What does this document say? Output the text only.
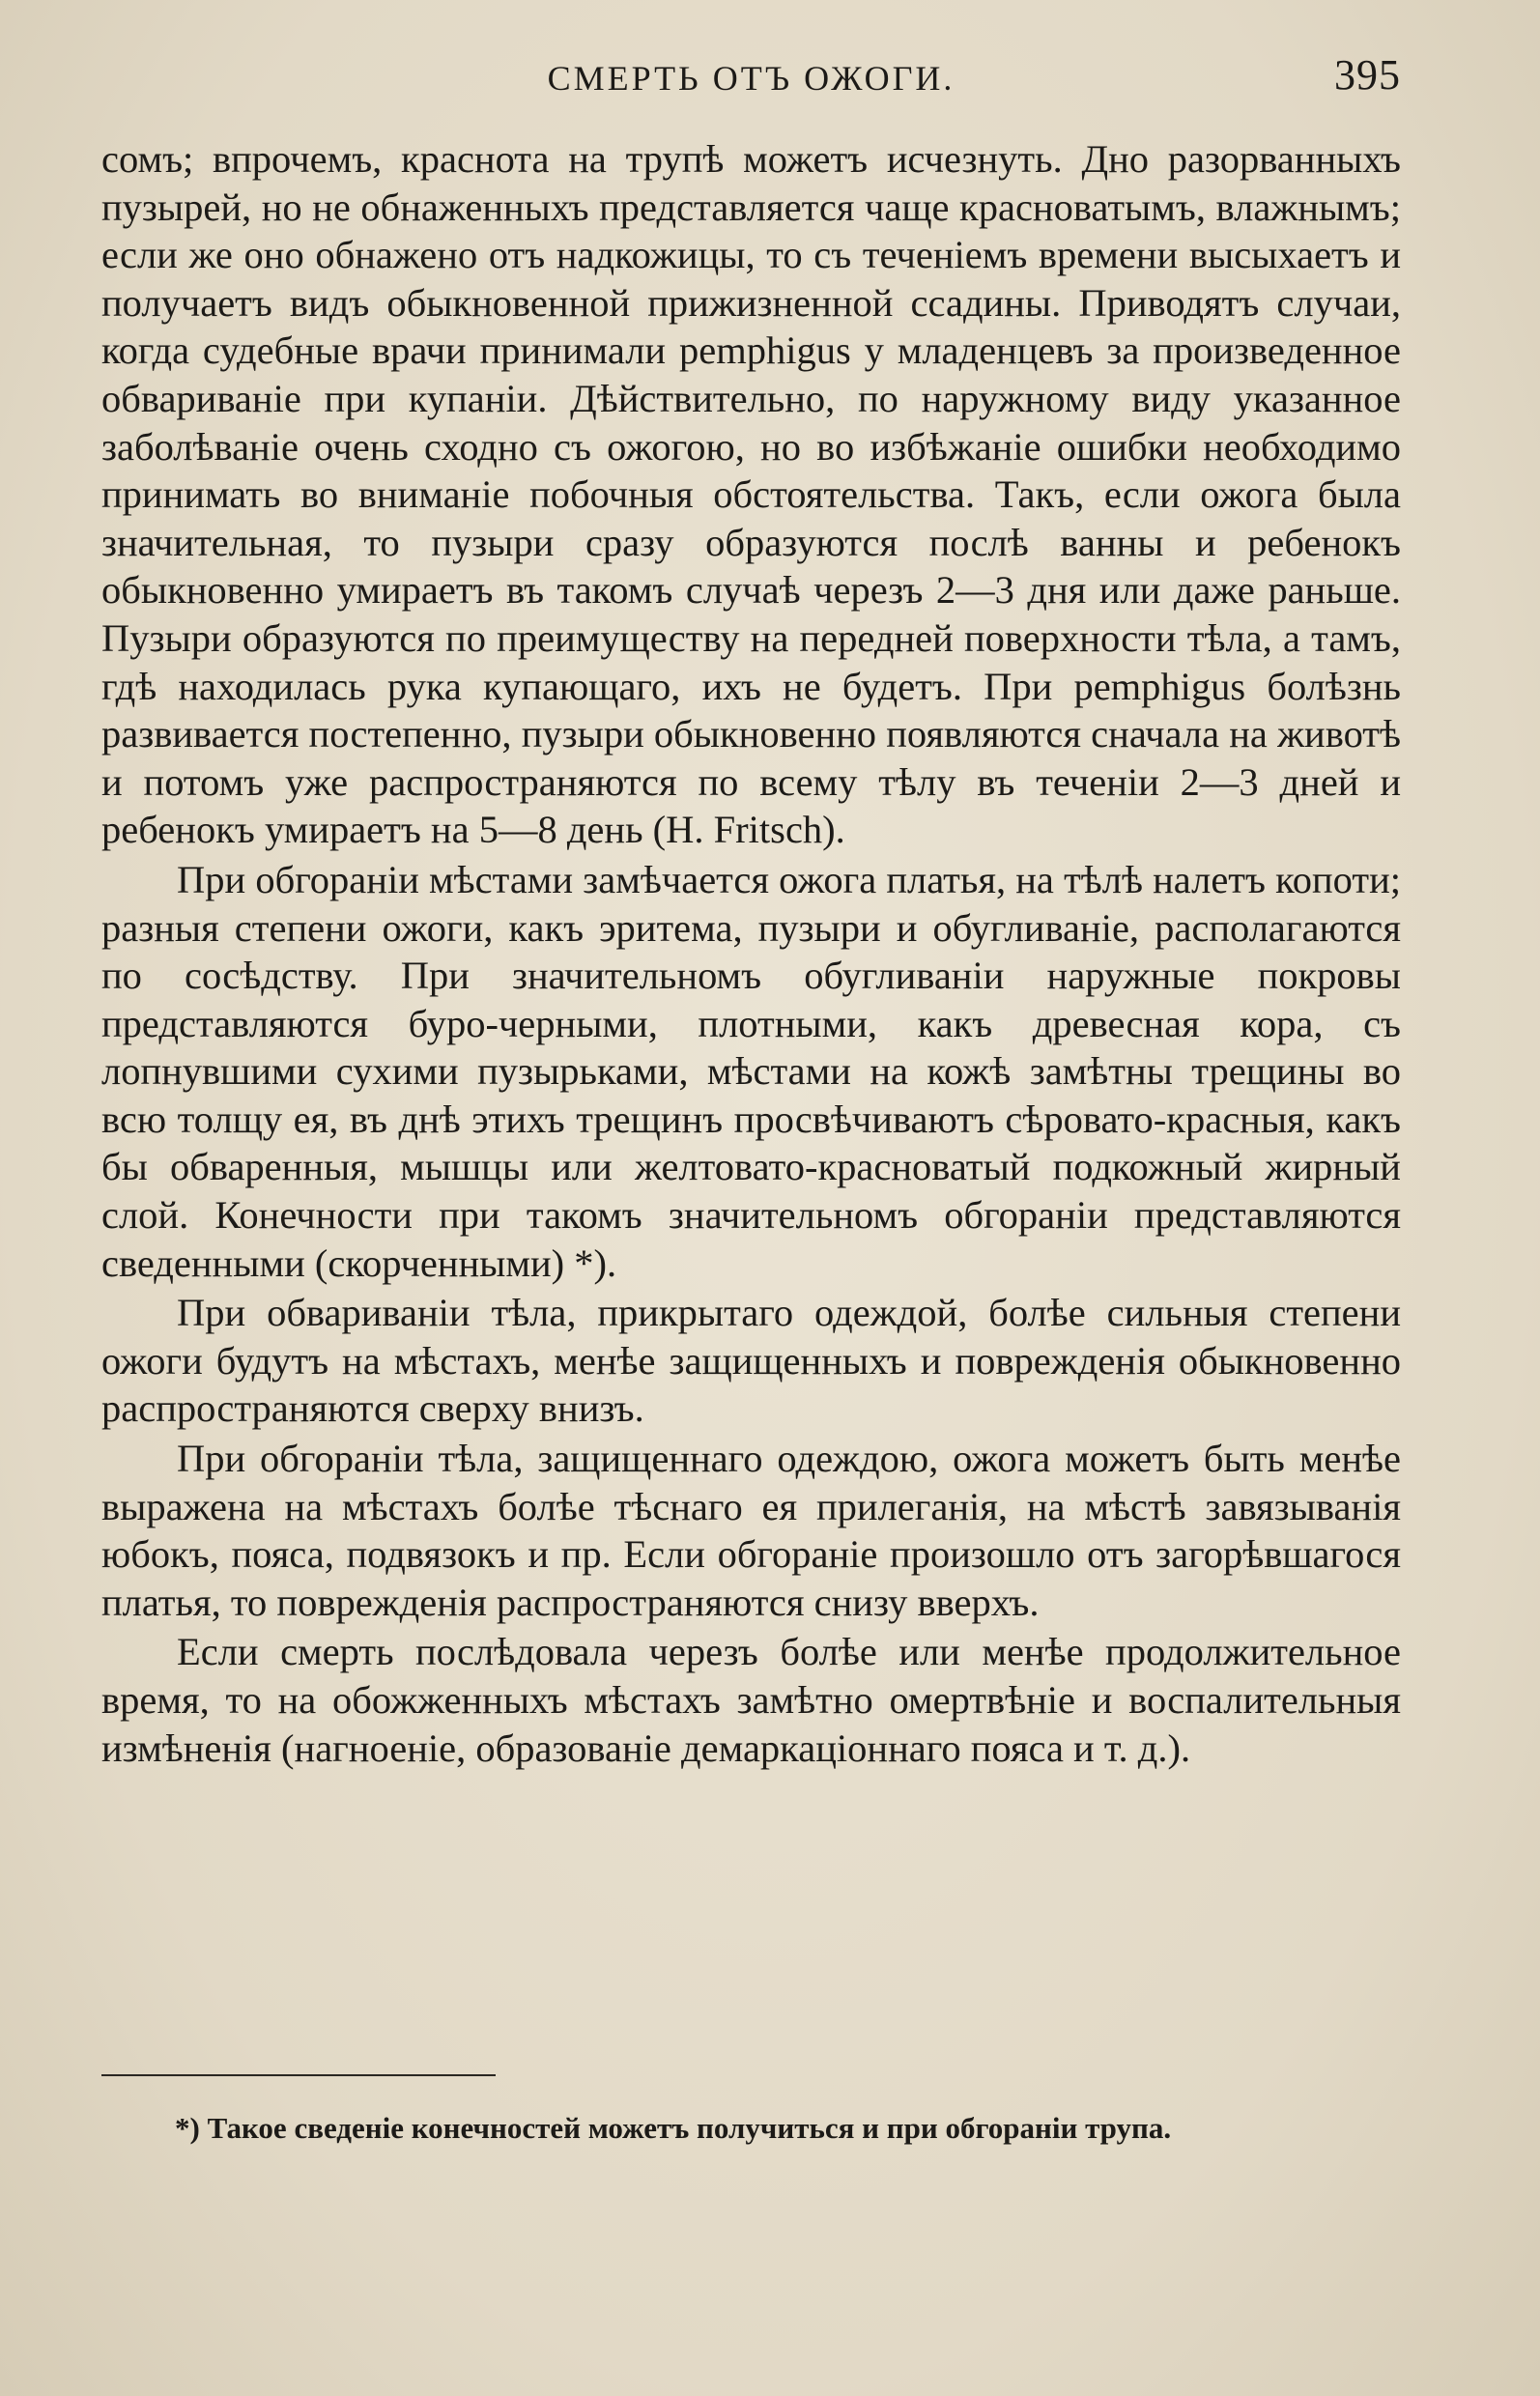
СМЕРТЬ ОТЪ ОЖОГИ.	395

сомъ; впрочемъ, краснота на трупѣ можетъ исчезнуть. Дно разорванныхъ пузырей, но не обнаженныхъ представляется чаще красноватымъ, влажнымъ; если же оно обнажено отъ надкожицы, то съ теченіемъ времени высыхаетъ и получаетъ видъ обыкновенной прижизненной ссадины. Приводятъ случаи, когда судебные врачи принимали pemphigus у младенцевъ за произведенное обвариваніе при купаніи. Дѣйствительно, по наружному виду указанное заболѣваніе очень сходно съ ожогою, но во избѣжаніе ошибки необходимо принимать во вниманіе побочныя обстоятельства. Такъ, если ожога была значительная, то пузыри сразу образуются послѣ ванны и ребенокъ обыкновенно умираетъ въ такомъ случаѣ черезъ 2—3 дня или даже раньше. Пузыри образуются по преимуществу на передней поверхности тѣла, а тамъ, гдѣ находилась рука купающаго, ихъ не будетъ. При pemphigus болѣзнь развивается постепенно, пузыри обыкновенно появляются сначала на животѣ и потомъ уже распространяются по всему тѣлу въ теченіи 2—3 дней и ребенокъ умираетъ на 5—8 день (H. Fritsch).

При обгораніи мѣстами замѣчается ожога платья, на тѣлѣ налетъ копоти; разныя степени ожоги, какъ эритема, пузыри и обугливаніе, располагаются по сосѣдству. При значительномъ обугливаніи наружные покровы представляются буро-черными, плотными, какъ древесная кора, съ лопнувшими сухими пузырьками, мѣстами на кожѣ замѣтны трещины во всю толщу ея, въ днѣ этихъ трещинъ просвѣчиваютъ сѣровато-красныя, какъ бы обваренныя, мышцы или желтовато-красноватый подкожный жирный слой. Конечности при такомъ значительномъ обгораніи представляются сведенными (скорченными) *).

При обвариваніи тѣла, прикрытаго одеждой, болѣе сильныя степени ожоги будутъ на мѣстахъ, менѣе защищенныхъ и поврежденія обыкновенно распространяются сверху внизъ.

При обгораніи тѣла, защищеннаго одеждою, ожога можетъ быть менѣе выражена на мѣстахъ болѣе тѣснаго ея прилеганія, на мѣстѣ завязыванія юбокъ, пояса, подвязокъ и пр. Если обгораніе произошло отъ загорѣвшагося платья, то поврежденія распространяются снизу вверхъ.

Если смерть послѣдовала черезъ болѣе или менѣе продолжительное время, то на обожженныхъ мѣстахъ замѣтно омертвѣніе и воспалительныя измѣненія (нагноеніе, образованіе демаркаціоннаго пояса и т. д.).

*) Такое сведеніе конечностей можетъ получиться и при обгораніи трупа.
